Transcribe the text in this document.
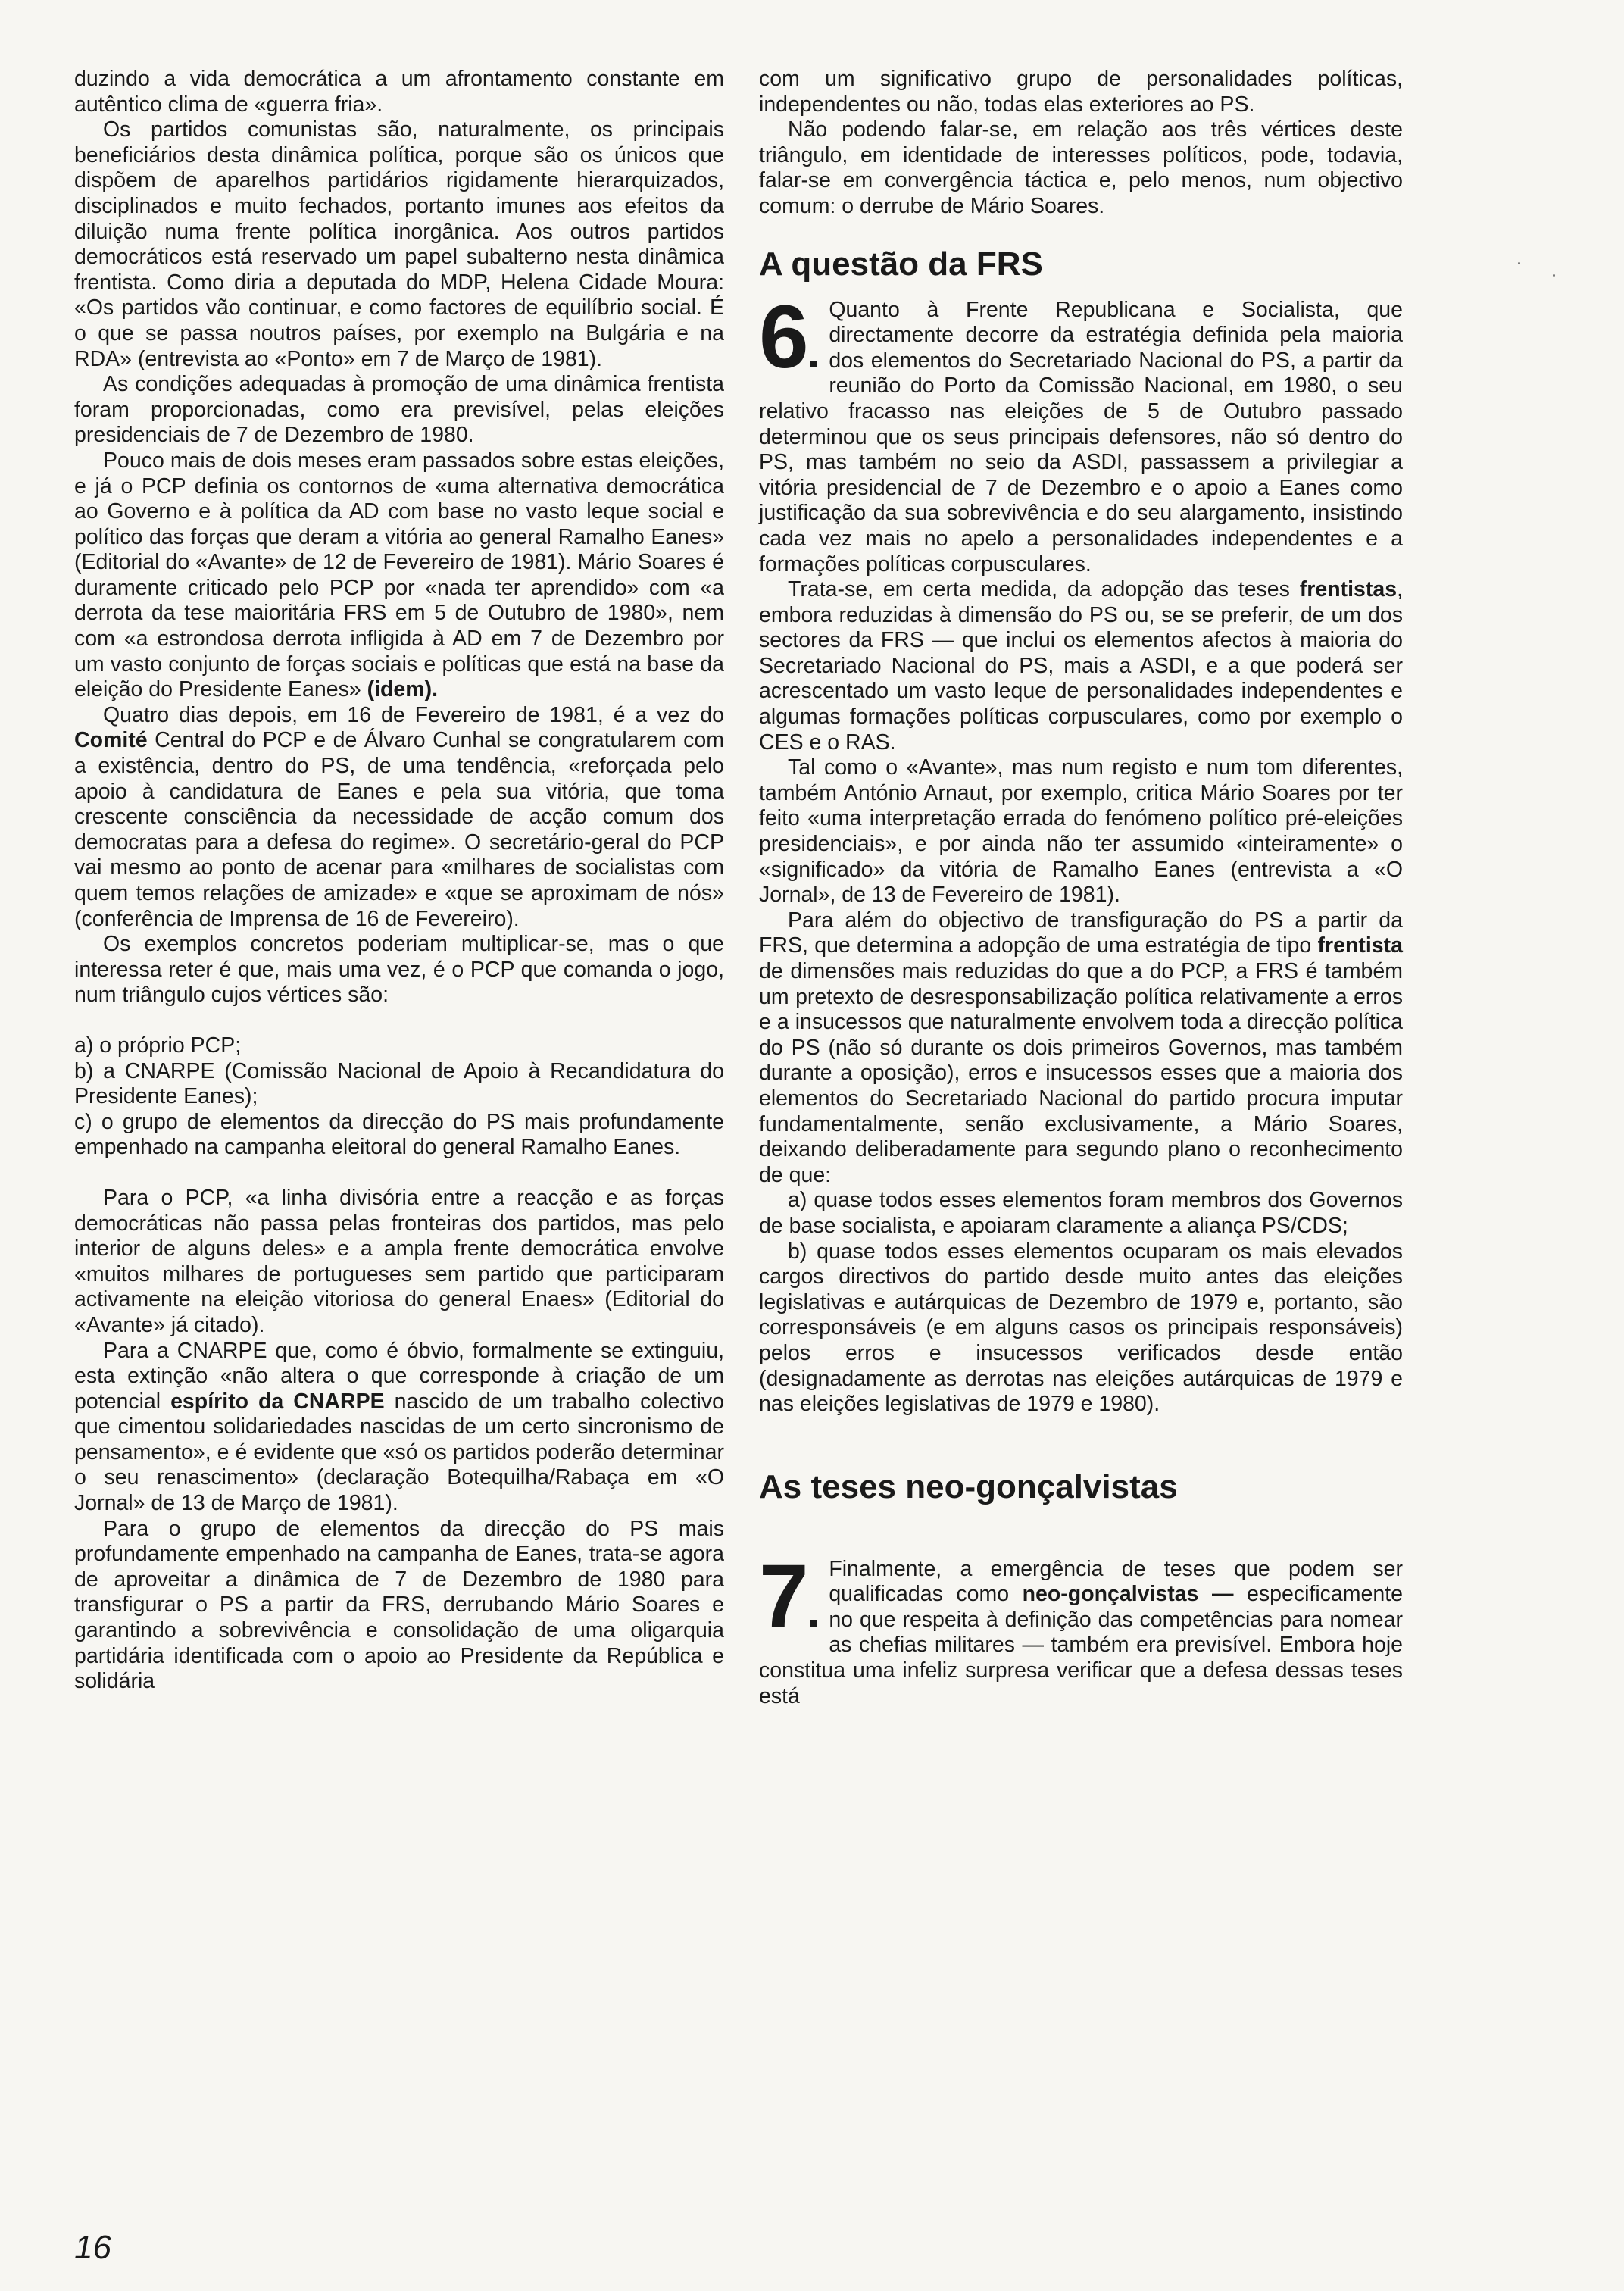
duzindo a vida democrática a um afrontamento constante em autêntico clima de «guerra fria».

Os partidos comunistas são, naturalmente, os principais beneficiários desta dinâmica política, porque são os únicos que dispõem de aparelhos partidários rigidamente hierarquizados, disciplinados e muito fechados, portanto imunes aos efeitos da diluição numa frente política inorgânica. Aos outros partidos democráticos está reservado um papel subalterno nesta dinâmica frentista. Como diria a deputada do MDP, Helena Cidade Moura: «Os partidos vão continuar, e como factores de equilíbrio social. É o que se passa noutros países, por exemplo na Bulgária e na RDA» (entrevista ao «Ponto» em 7 de Março de 1981).

As condições adequadas à promoção de uma dinâmica frentista foram proporcionadas, como era previsível, pelas eleições presidenciais de 7 de Dezembro de 1980.

Pouco mais de dois meses eram passados sobre estas eleições, e já o PCP definia os contornos de «uma alternativa democrática ao Governo e à política da AD com base no vasto leque social e político das forças que deram a vitória ao general Ramalho Eanes» (Editorial do «Avante» de 12 de Fevereiro de 1981). Mário Soares é duramente criticado pelo PCP por «nada ter aprendido» com «a derrota da tese maioritária FRS em 5 de Outubro de 1980», nem com «a estrondosa derrota infligida à AD em 7 de Dezembro por um vasto conjunto de forças sociais e políticas que está na base da eleição do Presidente Eanes» (idem).

Quatro dias depois, em 16 de Fevereiro de 1981, é a vez do Comité Central do PCP e de Álvaro Cunhal se congratularem com a existência, dentro do PS, de uma tendência, «reforçada pelo apoio à candidatura de Eanes e pela sua vitória, que toma crescente consciência da necessidade de acção comum dos democratas para a defesa do regime». O secretário-geral do PCP vai mesmo ao ponto de acenar para «milhares de socialistas com quem temos relações de amizade» e «que se aproximam de nós» (conferência de Imprensa de 16 de Fevereiro).

Os exemplos concretos poderiam multiplicar-se, mas o que interessa reter é que, mais uma vez, é o PCP que comanda o jogo, num triângulo cujos vértices são:

a) o próprio PCP;

b) a CNARPE (Comissão Nacional de Apoio à Recandidatura do Presidente Eanes);

c) o grupo de elementos da direcção do PS mais profundamente empenhado na campanha eleitoral do general Ramalho Eanes.

Para o PCP, «a linha divisória entre a reacção e as forças democráticas não passa pelas fronteiras dos partidos, mas pelo interior de alguns deles» e a ampla frente democrática envolve «muitos milhares de portugueses sem partido que participaram activamente na eleição vitoriosa do general Enaes» (Editorial do «Avante» já citado).

Para a CNARPE que, como é óbvio, formalmente se extinguiu, esta extinção «não altera o que corresponde à criação de um potencial espírito da CNARPE nascido de um trabalho colectivo que cimentou solidariedades nascidas de um certo sincronismo de pensamento», e é evidente que «só os partidos poderão determinar o seu renascimento» (declaração Botequilha/Rabaça em «O Jornal» de 13 de Março de 1981).

Para o grupo de elementos da direcção do PS mais profundamente empenhado na campanha de Eanes, trata-se agora de aproveitar a dinâmica de 7 de Dezembro de 1980 para transfigurar o PS a partir da FRS, derrubando Mário Soares e garantindo a sobrevivência e consolidação de uma oligarquia partidária identificada com o apoio ao Presidente da República e solidária

com um significativo grupo de personalidades políticas, independentes ou não, todas elas exteriores ao PS.

Não podendo falar-se, em relação aos três vértices deste triângulo, em identidade de interesses políticos, pode, todavia, falar-se em convergência táctica e, pelo menos, num objectivo comum: o derrube de Mário Soares.

A questão da FRS

6.
Quanto à Frente Republicana e Socialista, que directamente decorre da estratégia definida pela maioria dos elementos do Secretariado Nacional do PS, a partir da reunião do Porto da Comissão Nacional, em 1980, o seu relativo fracasso nas eleições de 5 de Outubro passado determinou que os seus principais defensores, não só dentro do PS, mas também no seio da ASDI, passassem a privilegiar a vitória presidencial de 7 de Dezembro e o apoio a Eanes como justificação da sua sobrevivência e do seu alargamento, insistindo cada vez mais no apelo a personalidades independentes e a formações políticas corpusculares.

Trata-se, em certa medida, da adopção das teses frentistas, embora reduzidas à dimensão do PS ou, se se preferir, de um dos sectores da FRS — que inclui os elementos afectos à maioria do Secretariado Nacional do PS, mais a ASDI, e a que poderá ser acrescentado um vasto leque de personalidades independentes e algumas formações políticas corpusculares, como por exemplo o CES e o RAS.

Tal como o «Avante», mas num registo e num tom diferentes, também António Arnaut, por exemplo, critica Mário Soares por ter feito «uma interpretação errada do fenómeno político pré-eleições presidenciais», e por ainda não ter assumido «inteiramente» o «significado» da vitória de Ramalho Eanes (entrevista a «O Jornal», de 13 de Fevereiro de 1981).

Para além do objectivo de transfiguração do PS a partir da FRS, que determina a adopção de uma estratégia de tipo frentista de dimensões mais reduzidas do que a do PCP, a FRS é também um pretexto de desresponsabilização política relativamente a erros e a insucessos que naturalmente envolvem toda a direcção política do PS (não só durante os dois primeiros Governos, mas também durante a oposição), erros e insucessos esses que a maioria dos elementos do Secretariado Nacional do partido procura imputar fundamentalmente, senão exclusivamente, a Mário Soares, deixando deliberadamente para segundo plano o reconhecimento de que:

a) quase todos esses elementos foram membros dos Governos de base socialista, e apoiaram claramente a aliança PS/CDS;

b) quase todos esses elementos ocuparam os mais elevados cargos directivos do partido desde muito antes das eleições legislativas e autárquicas de Dezembro de 1979 e, portanto, são corresponsáveis (e em alguns casos os principais responsáveis) pelos erros e insucessos verificados desde então (designadamente as derrotas nas eleições autárquicas de 1979 e nas eleições legislativas de 1979 e 1980).

As teses neo-gonçalvistas

7.
Finalmente, a emergência de teses que podem ser qualificadas como neo-gonçalvistas — especificamente no que respeita à definição das competências para nomear as chefias militares — também era previsível. Embora hoje constitua uma infeliz surpresa verificar que a defesa dessas teses está

16
